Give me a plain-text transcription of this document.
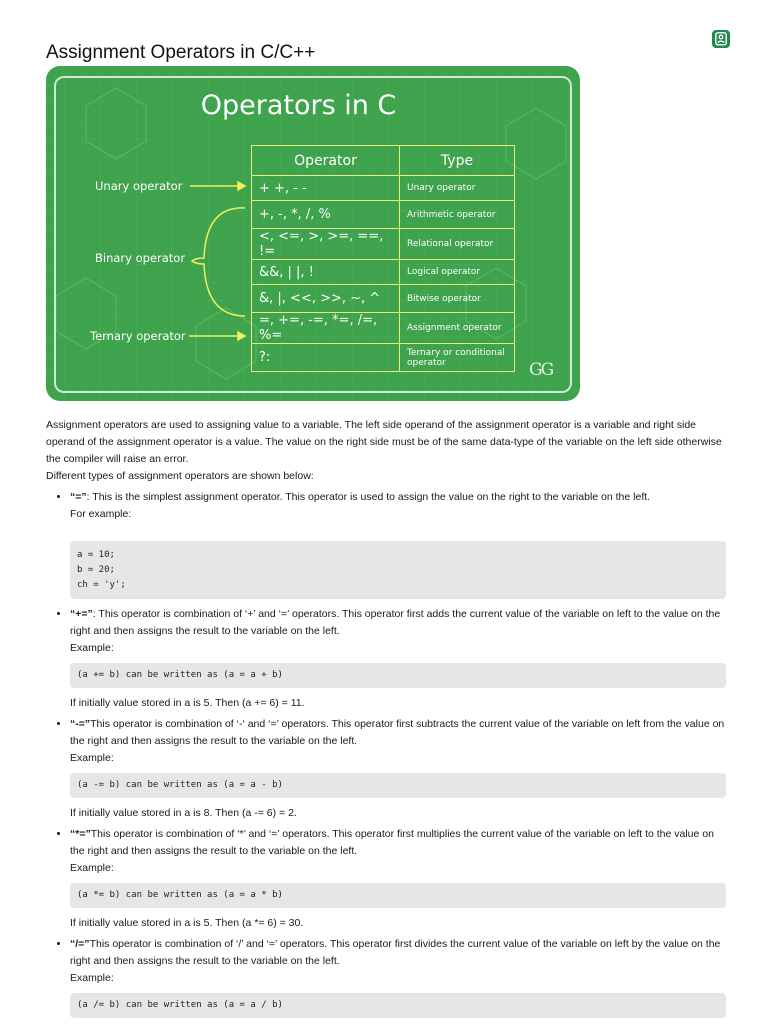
Assignment Operators in C/C++
Operators in C
Unary operator
Binary operator
Ternary operator
Operator	Type
+ +, - -	Unary operator
+, -, *, /, %	Arithmetic operator
<, <=, >, >=, ==, !=	Relational operator
&&, | |, !	Logical operator
&, |, <<, >>, ~, ^	Bitwise operator
=, +=, -=, *=, /=, %=	Assignment operator
?:	Ternary or conditional operator	GG

Assignment operators are used to assigning value to a variable. The left side operand of the assignment operator is a variable and right side operand of the assignment operator is a value. The value on the right side must be of the same data-type of the variable on the left side otherwise the compiler will raise an error.

Different types of assignment operators are shown below:

• “=”: This is the simplest assignment operator. This operator is used to assign the value on the right to the variable on the left.

For example:

a = 10;
b = 20;
ch = 'y';

• “+=”: This operator is combination of ‘+’ and ‘=’ operators. This operator first adds the current value of the variable on left to the value on the right and then assigns the result to the variable on the left.

Example:

(a += b) can be written as (a = a + b)

If initially value stored in a is 5. Then (a += 6) = 11.

• “-=”This operator is combination of ‘-‘ and ‘=’ operators. This operator first subtracts the current value of the variable on left from the value on the right and then assigns the result to the variable on the left.

Example:

(a -= b) can be written as (a = a - b)

If initially value stored in a is 8. Then (a -= 6) = 2.

• “*=”This operator is combination of ‘*’ and ‘=’ operators. This operator first multiplies the current value of the variable on left to the value on the right and then assigns the result to the variable on the left.

Example:

(a *= b) can be written as (a = a * b)

If initially value stored in a is 5. Then (a *= 6) = 30.

• “/=”This operator is combination of ‘/’ and ‘=’ operators. This operator first divides the current value of the variable on left by the value on the right and then assigns the result to the variable on the left.

Example:

(a /= b) can be written as (a = a / b)
